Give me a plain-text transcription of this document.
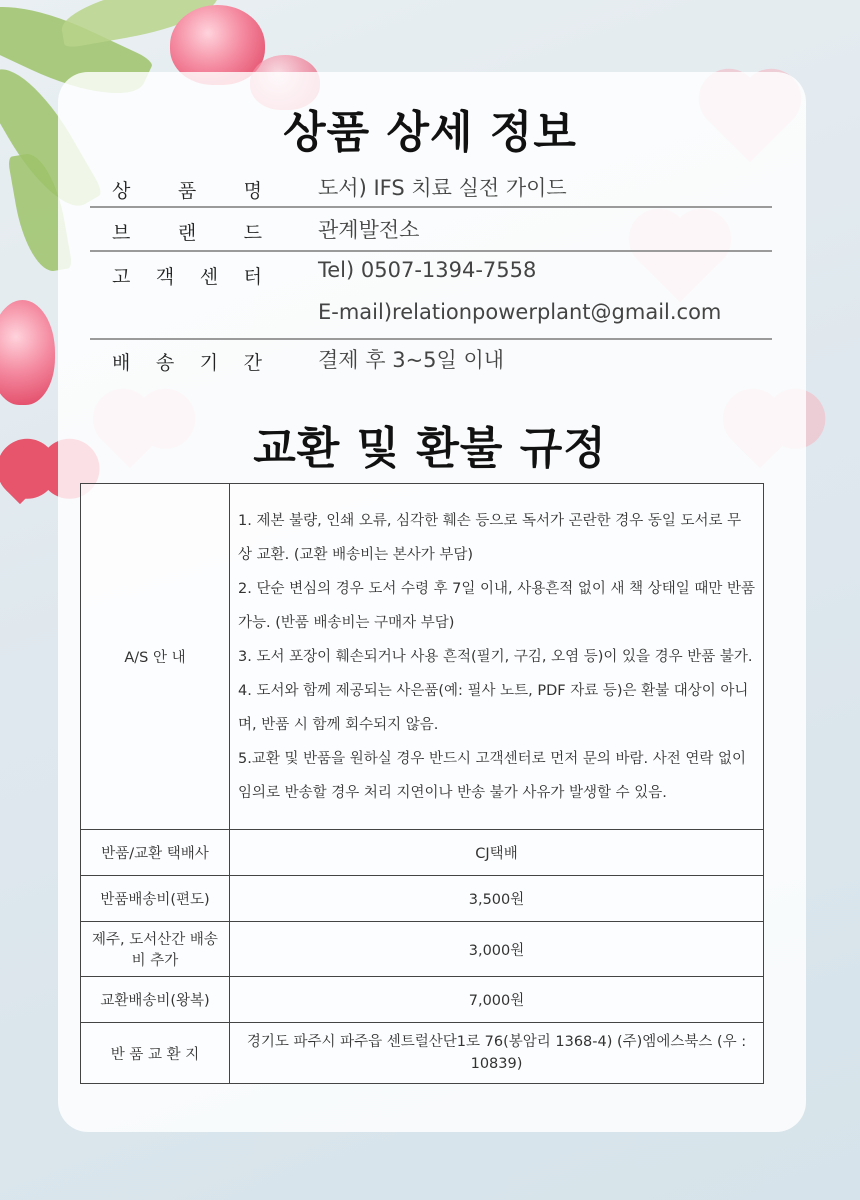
상품 상세 정보
상 품 명	도서) IFS 치료 실전 가이드
브 랜 드	관계발전소
고 객 센 터	Tel) 0507-1394-7558
E-mail)relationpowerplant@gmail.com
배 송 기 간	결제 후 3~5일 이내
교환 및 환불 규정
A/S 안 내	1. 제본 불량, 인쇄 오류, 심각한 훼손 등으로 독서가 곤란한 경우 동일 도서로 무상 교환. (교환 배송비는 본사가 부담)
2. 단순 변심의 경우 도서 수령 후 7일 이내, 사용흔적 없이 새 책 상태일 때만 반품가능. (반품 배송비는 구매자 부담)
3. 도서 포장이 훼손되거나 사용 흔적(필기, 구김, 오염 등)이 있을 경우 반품 불가.
4. 도서와 함께 제공되는 사은품(예: 필사 노트, PDF 자료 등)은 환불 대상이 아니며, 반품 시 함께 회수되지 않음.
5.교환 및 반품을 원하실 경우 반드시 고객센터로 먼저 문의 바람. 사전 연락 없이 임의로 반송할 경우 처리 지연이나 반송 불가 사유가 발생할 수 있음.

반품/교환 택배사	CJ택배
반품배송비(편도)	3,500원
제주, 도서산간 배송비 추가	3,000원
교환배송비(왕복)	7,000원
반 품 교 환 지	경기도 파주시 파주읍 센트럴산단1로 76(봉암리 1368-4) (주)엠에스북스 (우 : 10839)
